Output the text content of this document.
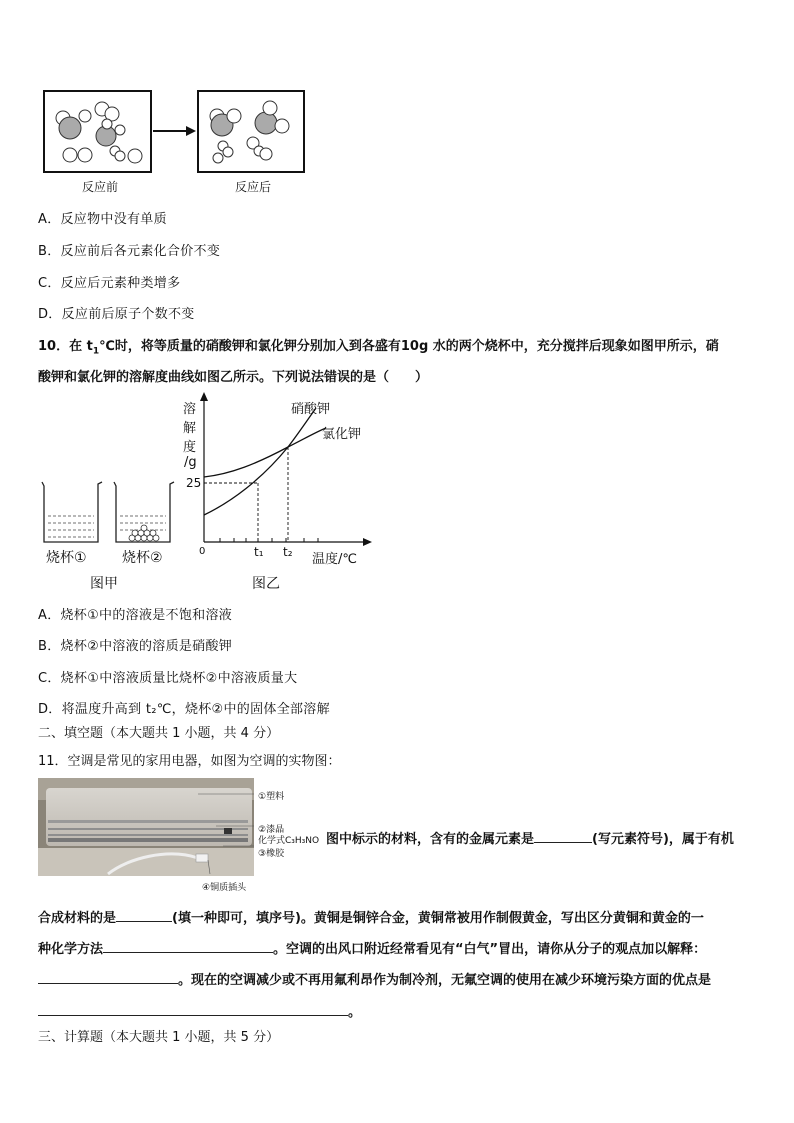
反应前	反应后
A．反应物中没有单质
B．反应前后各元素化合价不变
C．反应后元素种类增多
D．反应前后原子个数不变
10．在 $t_1℃$时，将等质量的硝酸钾和氯化钾分别加入到各盛有10g 水的两个烧杯中，充分搅拌后现象如图甲所示，硝
酸钾和氯化钾的溶解度曲线如图乙所示。下列说法错误的是（　　）
烧杯①	烧杯②
图甲
溶
解
度
/g
25
0	t₁ t₂ 温度/℃
硝酸钾
氯化钾
图乙
A．烧杯①中的溶液是不饱和溶液
B．烧杯②中溶液的溶质是硝酸钾
C．烧杯①中溶液质量比烧杯②中溶液质量大
D．将温度升高到 t₂℃，烧杯②中的固体全部溶解
二、填空题（本大题共 1 小题，共 4 分）
11．空调是常见的家用电器，如图为空调的实物图：
①塑料
②漆晶
化学式C₃H₃NO
③橡胶
④铜质插头
图中标示的材料，含有的金属元素是	(写元素符号)，属于有机
合成材料的是	(填一种即可，填序号)。黄铜是铜锌合金，黄铜常被用作制假黄金，写出区分黄铜和黄金的一
种化学方法	。空调的出风口附近经常看见有“白气”冒出，请你从分子的观点加以解释：
。现在的空调减少或不再用氟利昂作为制冷剂，无氟空调的使用在减少环境污染方面的优点是
。
三、计算题（本大题共 1 小题，共 5 分）
